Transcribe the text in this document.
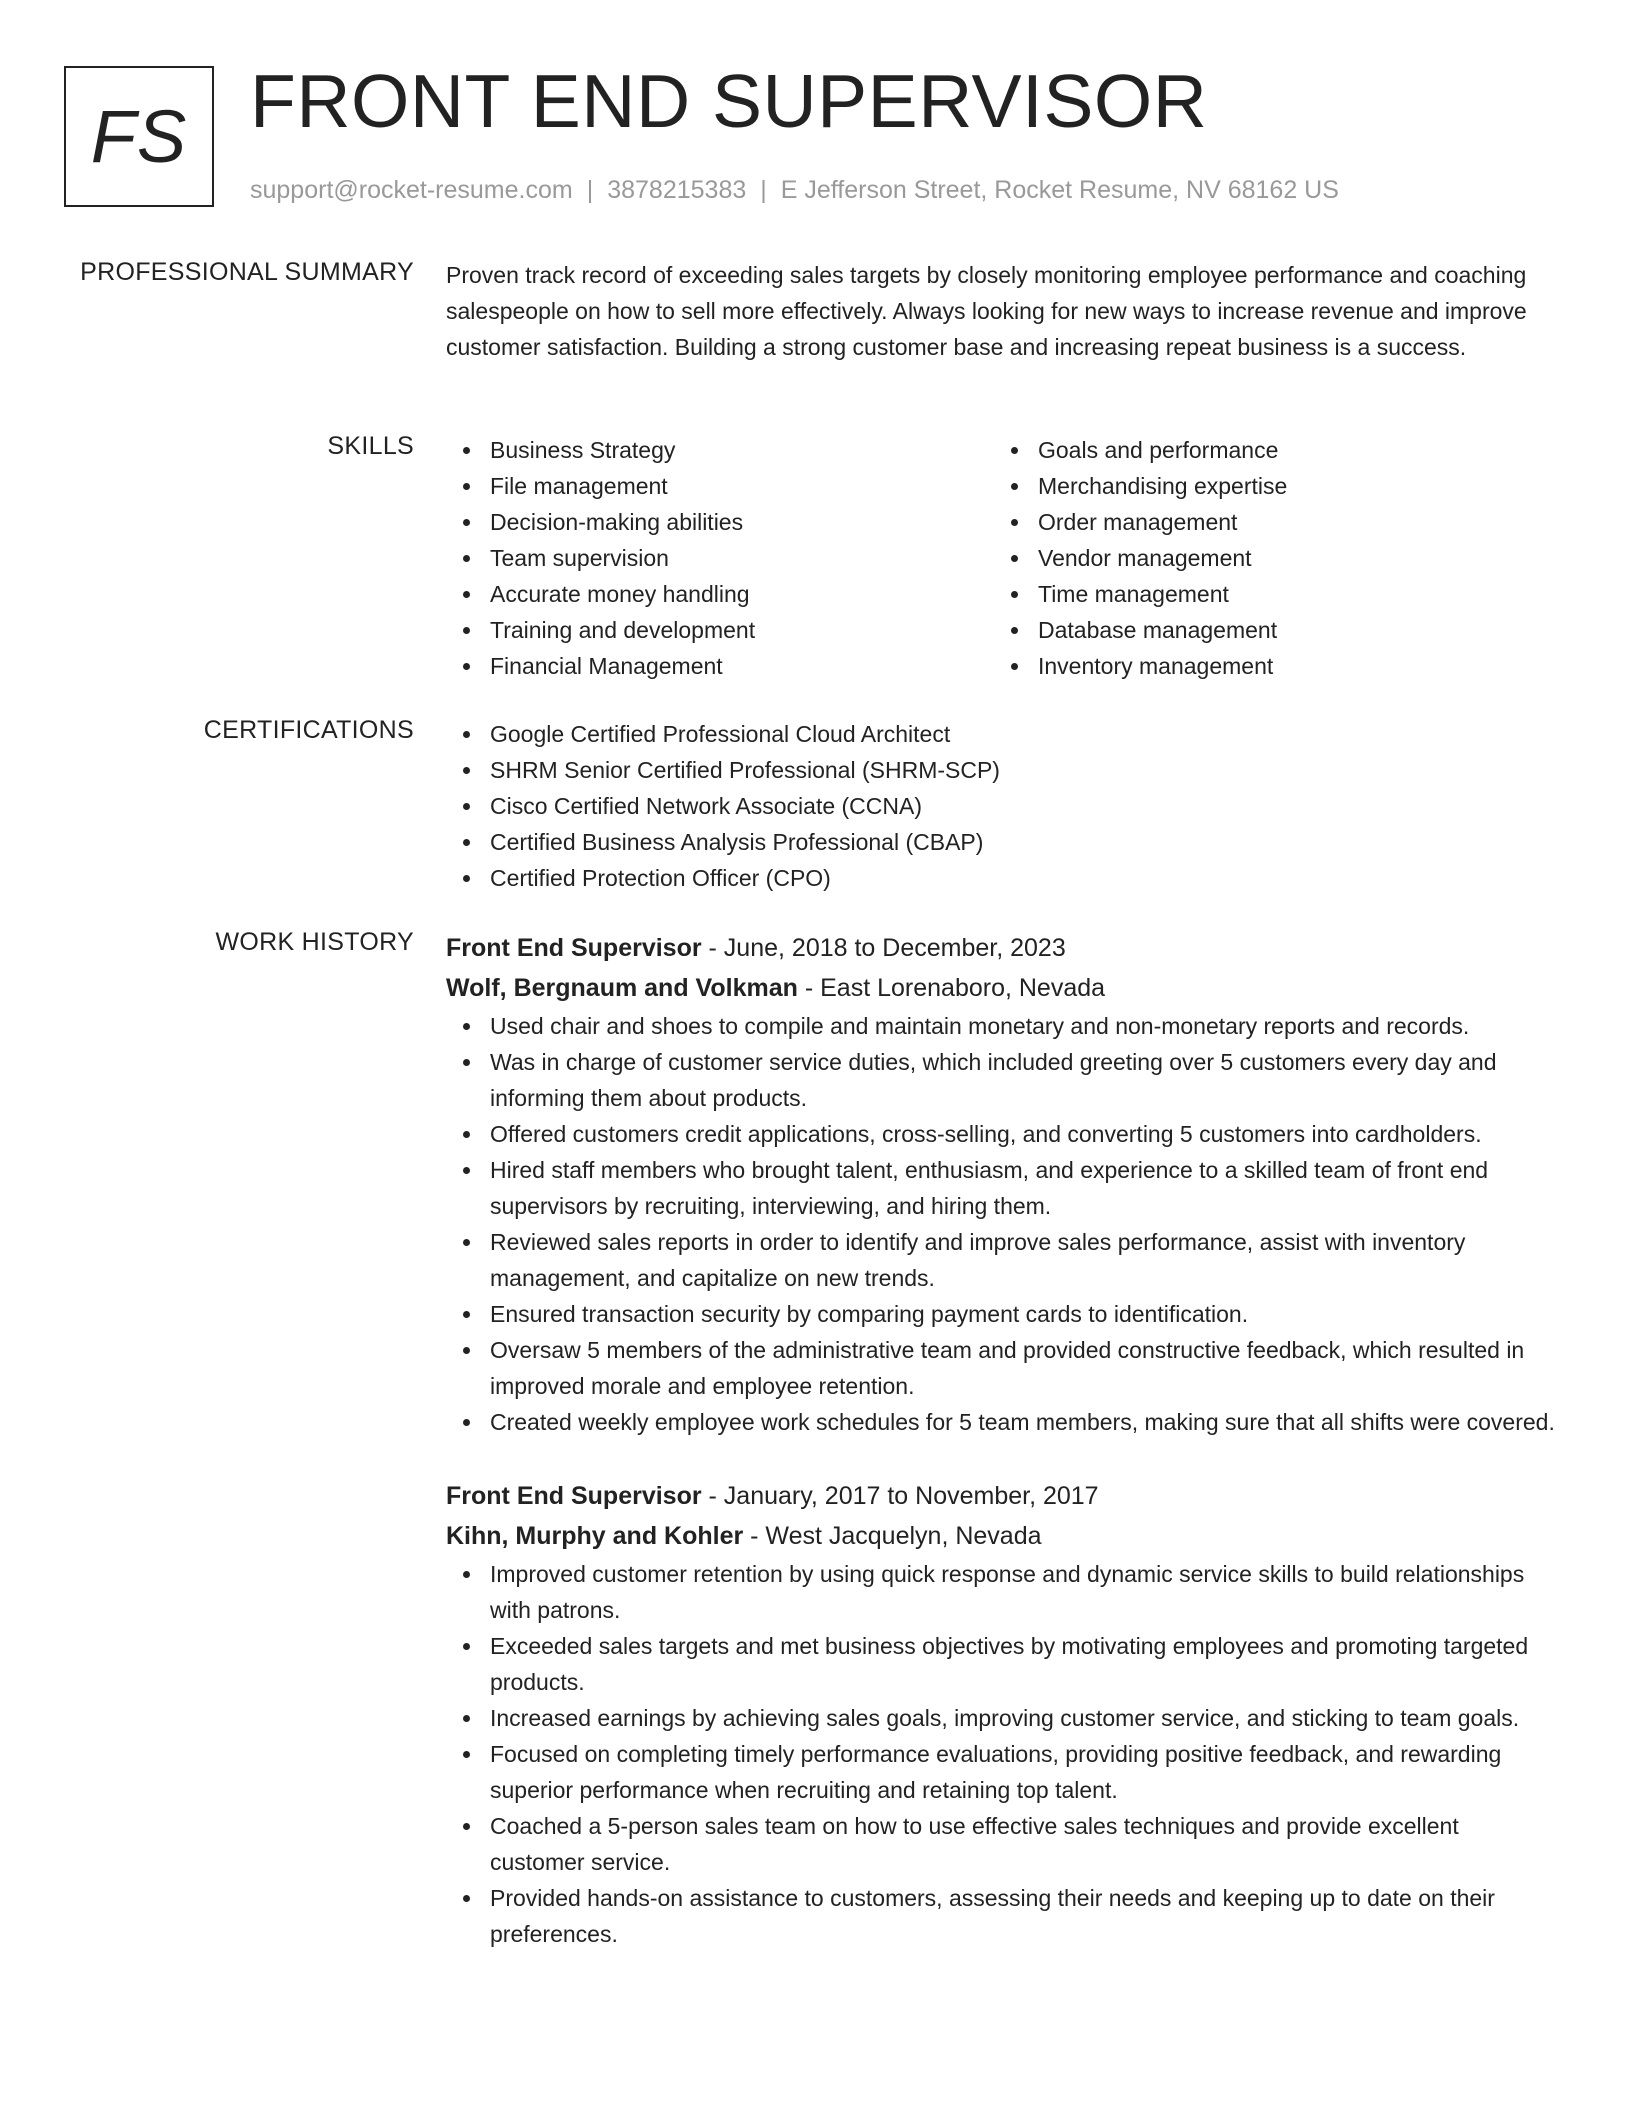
FS FRONT END SUPERVISOR
support@rocket-resume.com | 3878215383 | E Jefferson Street, Rocket Resume, NV 68162 US
PROFESSIONAL SUMMARY Proven track record of exceeding sales targets by closely monitoring employee performance and coaching salespeople on how to sell more effectively. Always looking for new ways to increase revenue and improve customer satisfaction. Building a strong customer base and increasing repeat business is a success.

SKILLS	Business Strategy
File management
Decision-making abilities
Team supervision
Accurate money handling
Training and development
Financial Management
Goals and performance
Merchandising expertise
Order management
Vendor management
Time management
Database management
Inventory management
CERTIFICATIONS	Google Certified Professional Cloud Architect
SHRM Senior Certified Professional (SHRM-SCP)
Cisco Certified Network Associate (CCNA)
Certified Business Analysis Professional (CBAP)
Certified Protection Officer (CPO)
WORK HISTORY Front End Supervisor - June, 2018 to December, 2023
Wolf, Bergnaum and Volkman - East Lorenaboro, Nevada
Used chair and shoes to compile and maintain monetary and non-monetary reports and records.
Was in charge of customer service duties, which included greeting over 5 customers every day and informing them about products.
Offered customers credit applications, cross-selling, and converting 5 customers into cardholders.
Hired staff members who brought talent, enthusiasm, and experience to a skilled team of front end supervisors by recruiting, interviewing, and hiring them.
Reviewed sales reports in order to identify and improve sales performance, assist with inventory management, and capitalize on new trends.
Ensured transaction security by comparing payment cards to identification.
Oversaw 5 members of the administrative team and provided constructive feedback, which resulted in improved morale and employee retention.
Created weekly employee work schedules for 5 team members, making sure that all shifts were covered.
Front End Supervisor - January, 2017 to November, 2017
Kihn, Murphy and Kohler - West Jacquelyn, Nevada
Improved customer retention by using quick response and dynamic service skills to build relationships with patrons.
Exceeded sales targets and met business objectives by motivating employees and promoting targeted products.
Increased earnings by achieving sales goals, improving customer service, and sticking to team goals.
Focused on completing timely performance evaluations, providing positive feedback, and rewarding superior performance when recruiting and retaining top talent.
Coached a 5-person sales team on how to use effective sales techniques and provide excellent customer service.
Provided hands-on assistance to customers, assessing their needs and keeping up to date on their preferences.
